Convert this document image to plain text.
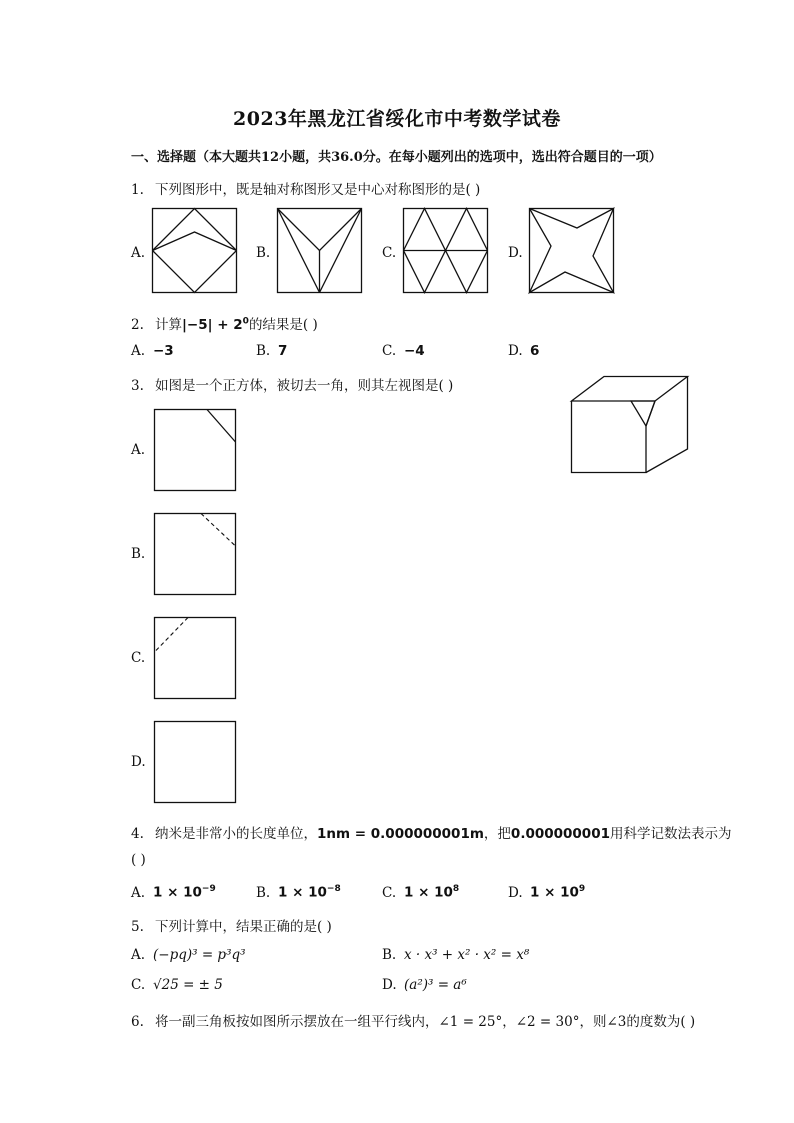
2023年黑龙江省绥化市中考数学试卷
一、选择题（本大题共12小题，共36.0分。在每小题列出的选项中，选出符合题目的一项）
1. 下列图形中，既是轴对称图形又是中心对称图形的是( )
A.	B.	C.	D.
2. 计算$|-5| + 2^0$的结果是( )
A. −3	B. 7	C. −4	D. 6
3. 如图是一个正方体，被切去一角，则其左视图是( )
A.
B.
C.
D.
4. 纳米是非常小的长度单位，1nm = 0.000000001m，把0.000000001用科学记数法表示为
( )
A. $1 \times 10^{-9}$	B. $1 \times 10^{-8}$	C. $1 \times 10^8$	D. $1 \times 10^9$
5. 下列计算中，结果正确的是( )
A. (−pq)³ = p³q³	B. x · x³ + x² · x² = x⁸
C. √25 = ± 5	D. (a²)³ = a⁶
6. 将一副三角板按如图所示摆放在一组平行线内，∠1 = 25°，∠2 = 30°，则∠3的度数为( )
